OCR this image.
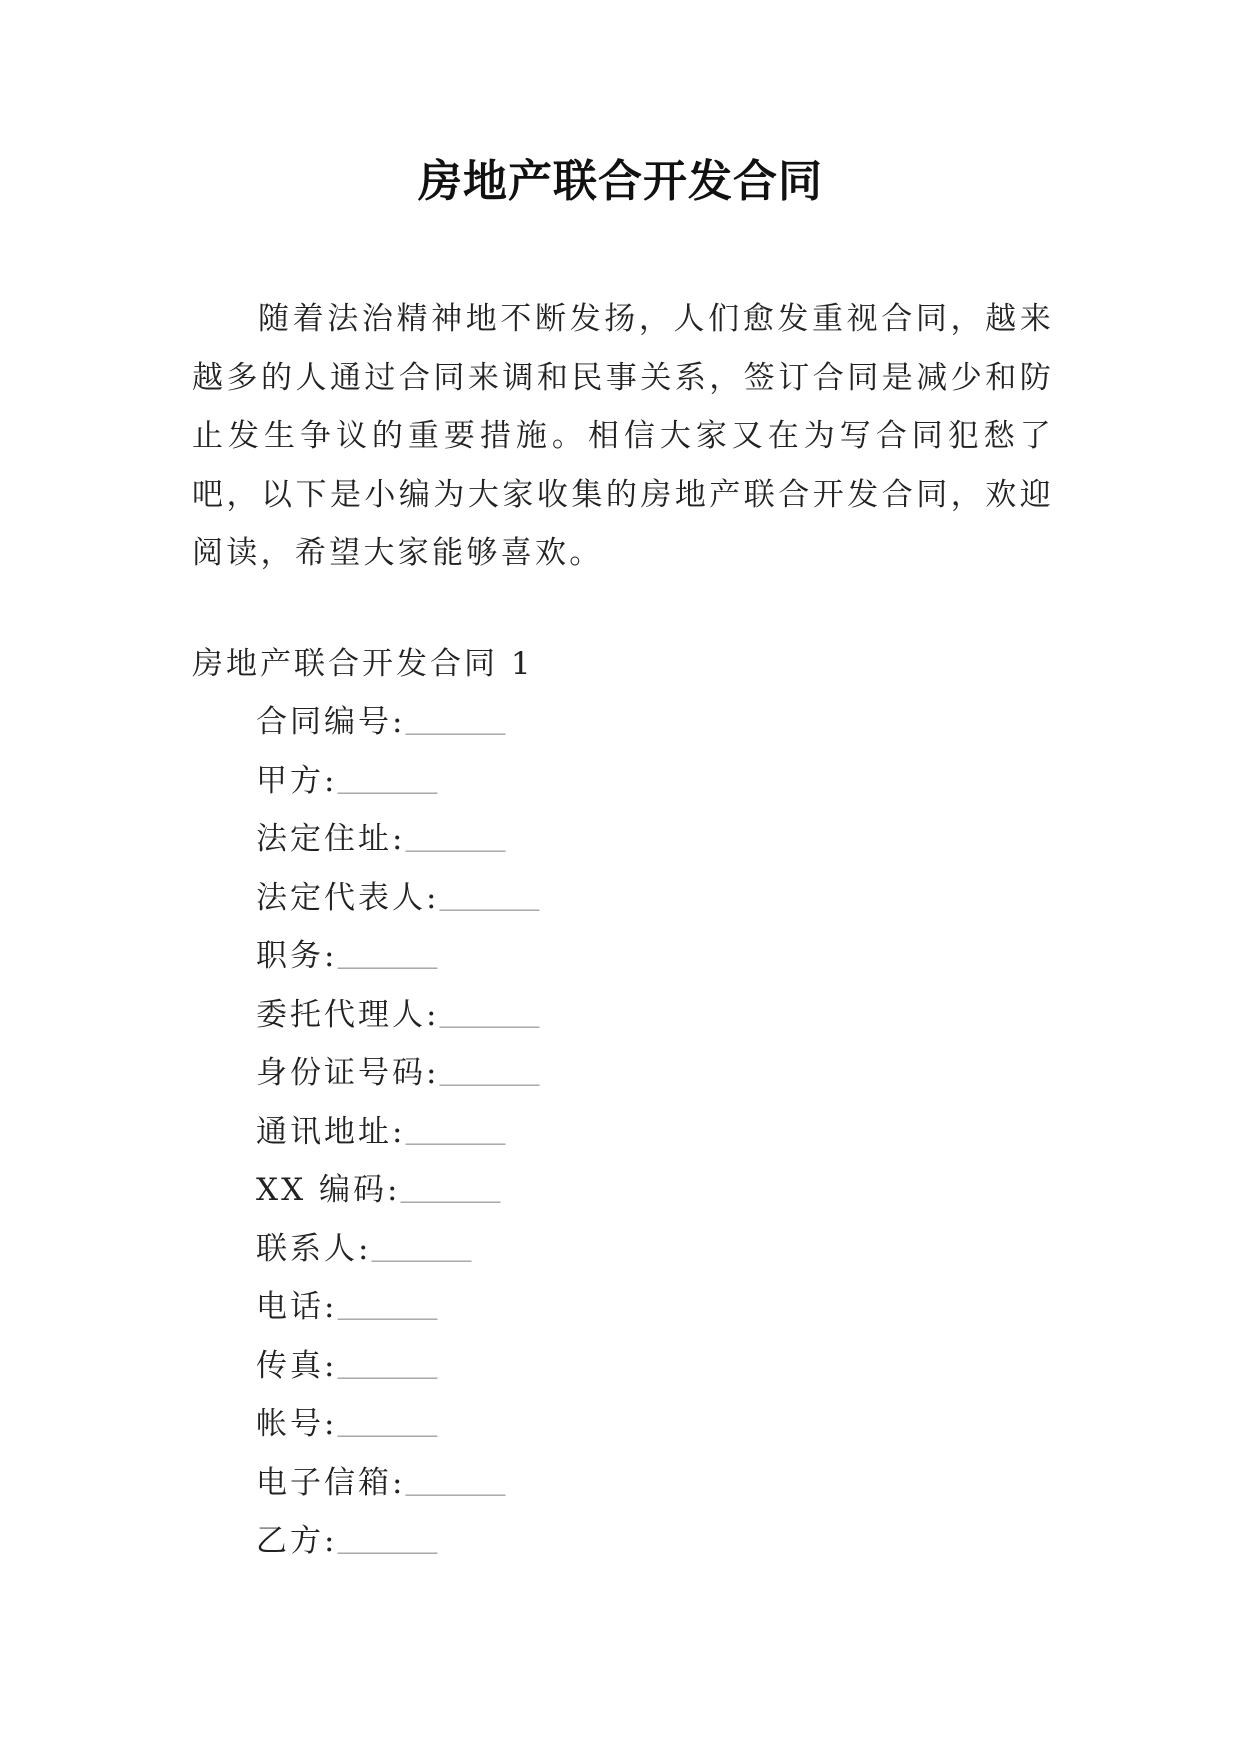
房地产联合开发合同

随着法治精神地不断发扬，人们愈发重视合同，越来越多的人通过合同来调和民事关系，签订合同是减少和防止发生争议的重要措施。相信大家又在为写合同犯愁了吧，以下是小编为大家收集的房地产联合开发合同，欢迎阅读，希望大家能够喜欢。

房地产联合开发合同 1
合同编号:__________
甲方:__________
法定住址:__________
法定代表人:__________
职务:__________
委托代理人:__________
身份证号码:__________
通讯地址:__________
XX 编码:__________
联系人:__________
电话:__________
传真:__________
帐号:__________
电子信箱:__________
乙方:__________
